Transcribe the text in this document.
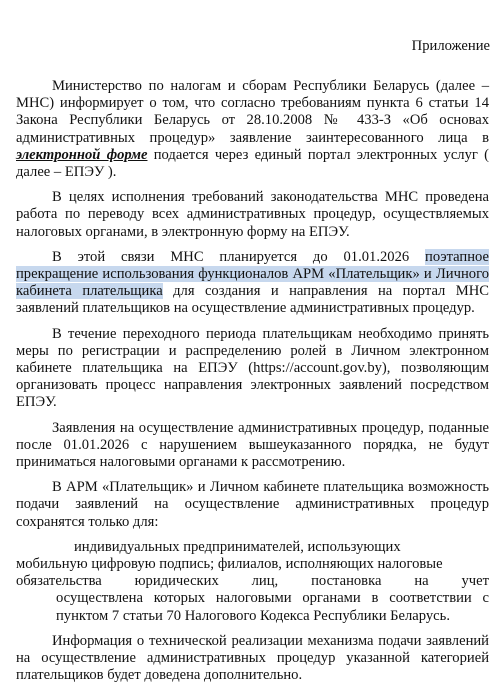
Приложение

Министерство по налогам и сборам Республики Беларусь (далее – МНС) информирует о том, что согласно требованиям пункта 6 статьи 14 Закона Республики Беларусь от 28.10.2008 № 433-З «Об основах административных процедур» заявление заинтересованного лица в электронной форме подается через единый портал электронных услуг ( далее – ЕПЭУ ).

В целях исполнения требований законодательства МНС проведена работа по переводу всех административных процедур, осуществляемых налоговых органами, в электронную форму на ЕПЭУ.

В этой связи МНС планируется до 01.01.2026 поэтапное прекращение использования функционалов АРМ «Плательщик» и Личного кабинета плательщика для создания и направления на портал МНС заявлений плательщиков на осуществление административных процедур.

В течение переходного периода плательщикам необходимо принять меры по регистрации и распределению ролей в Личном электронном кабинете плательщика на ЕПЭУ (https://account.gov.by), позволяющим организовать процесс направления электронных заявлений посредством ЕПЭУ.

Заявления на осуществление административных процедур, поданные после 01.01.2026 с нарушением вышеуказанного порядка, не будут приниматься налоговыми органами к рассмотрению.

В АРМ «Плательщик» и Личном кабинете плательщика возможность подачи заявлений на осуществление административных процедур сохранятся только для:

индивидуальных предпринимателей, использующих

мобильную цифровую подпись; филиалов, исполняющих налоговые

обязательства юридических лиц, постановка на учет

осуществлена которых налоговыми органами в соответствии с

пунктом 7 статьи 70 Налогового Кодекса Республики Беларусь.

Информация о технической реализации механизма подачи заявлений на осуществление административных процедур указанной категорией плательщиков будет доведена дополнительно.
